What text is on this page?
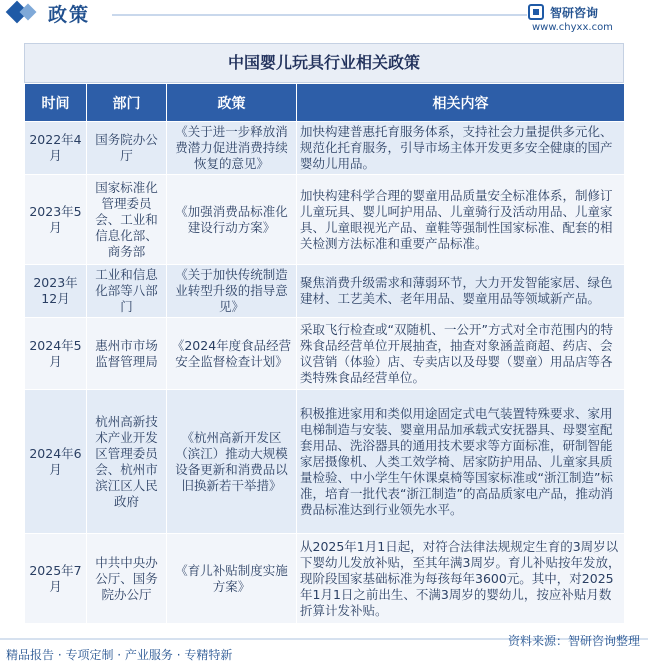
政策	智研咨询
www.chyxx.com
中国婴儿玩具行业相关政策
时间	部门	政策	相关内容
2022年4月	国务院办公厅	《关于进一步释放消费潜力促进消费持续恢复的意见》	加快构建普惠托育服务体系，支持社会力量提供多元化、规范化托育服务，引导市场主体开发更多安全健康的国产婴幼儿用品。
2023年5月	国家标准化管理委员会、工业和信息化部、商务部	《加强消费品标准化建设行动方案》	加快构建科学合理的婴童用品质量安全标准体系，制修订儿童玩具、婴儿呵护用品、儿童骑行及活动用品、儿童家具、儿童眼视光产品、童鞋等强制性国家标准、配套的相关检测方法标准和重要产品标准。
2023年12月	工业和信息化部等八部门	《关于加快传统制造业转型升级的指导意见》	聚焦消费升级需求和薄弱环节，大力开发智能家居、绿色建材、工艺美术、老年用品、婴童用品等领域新产品。
2024年5月	惠州市市场监督管理局	《2024年度食品经营安全监督检查计划》	采取飞行检查或“双随机、一公开”方式对全市范围内的特殊食品经营单位开展抽查，抽查对象涵盖商超、药店、会议营销（体验）店、专卖店以及母婴（婴童）用品店等各类特殊食品经营单位。
2024年6月	杭州高新技术产业开发区管理委员会、杭州市滨江区人民政府	《杭州高新开发区（滨江）推动大规模设备更新和消费品以旧换新若干举措》	积极推进家用和类似用途固定式电气装置特殊要求、家用电梯制造与安装、婴童用品加承载式安抚器具、母婴室配套用品、洗浴器具的通用技术要求等方面标准，研制智能家居摄像机、人类工效学椅、居家防护用品、儿童家具质量检验、中小学生午休课桌椅等国家标准或“浙江制造”标准，培育一批代表“浙江制造”的高品质家电产品，推动消费品标准达到行业领先水平。
2025年7月	中共中央办公厅、国务院办公厅	《育儿补贴制度实施方案》	从2025年1月1日起，对符合法律法规规定生育的3周岁以下婴幼儿发放补贴，至其年满3周岁。育儿补贴按年发放，现阶段国家基础标准为每孩每年3600元。其中，对2025年1月1日之前出生、不满3周岁的婴幼儿，按应补贴月数折算计发补贴。
资料来源：智研咨询整理
精品报告 · 专项定制 · 产业服务 · 专精特新
